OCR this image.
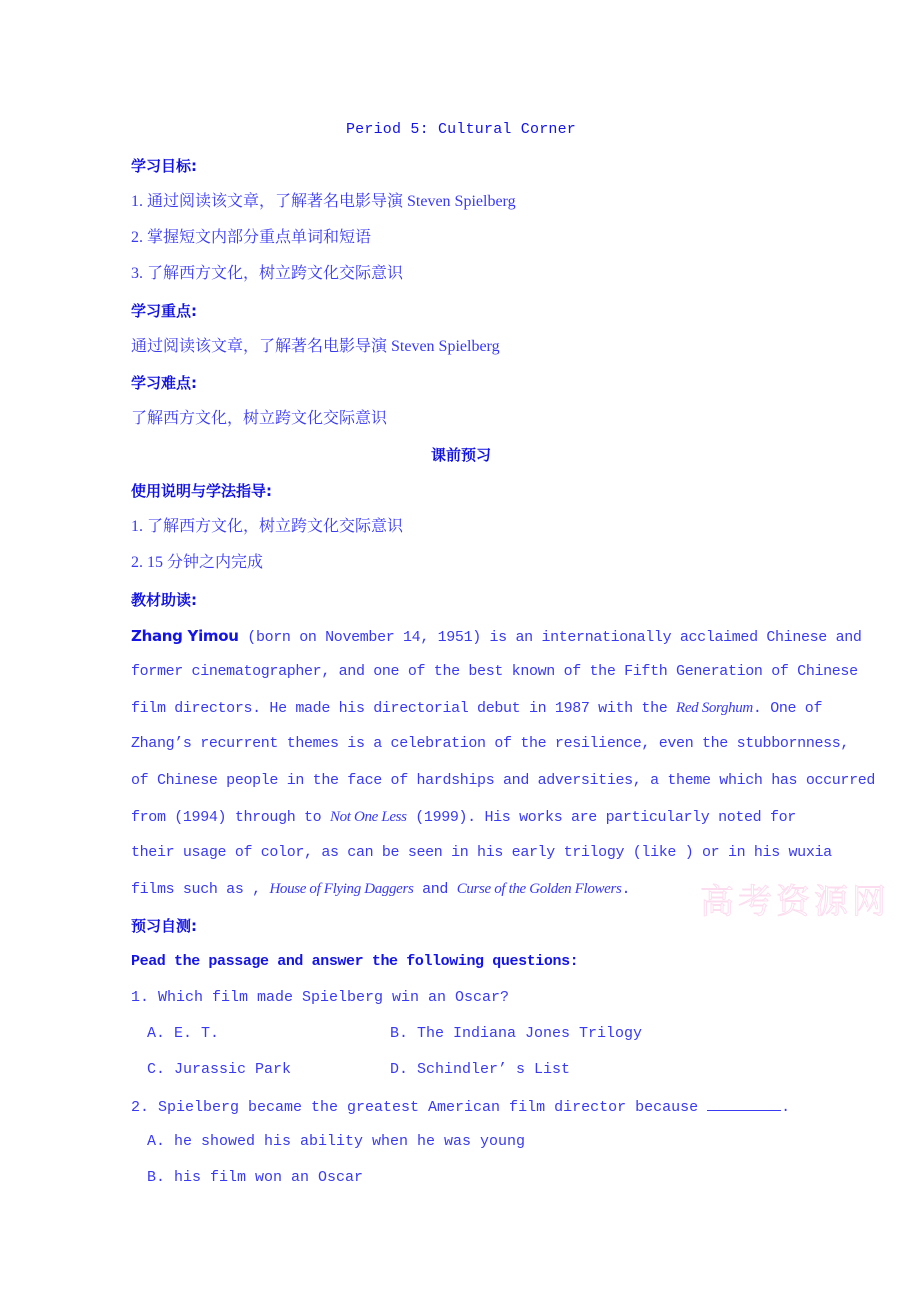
Period 5: Cultural Corner
学习目标:
1. 通过阅读该文章，了解著名电影导演 Steven Spielberg
2. 掌握短文内部分重点单词和短语
3. 了解西方文化，树立跨文化交际意识
学习重点:
通过阅读该文章，了解著名电影导演 Steven Spielberg
学习难点:
了解西方文化，树立跨文化交际意识
课前预习
使用说明与学法指导:
1. 了解西方文化，树立跨文化交际意识
2. 15 分钟之内完成
教材助读:
Zhang Yimou (born on November 14, 1951) is an internationally acclaimed Chinese and
former cinematographer, and one of the best known of the Fifth Generation of Chinese
film directors. He made his directorial debut in 1987 with the Red Sorghum. One of
Zhang’s recurrent themes is a celebration of the resilience, even the stubbornness,
of Chinese people in the face of hardships and adversities, a theme which has occurred
from (1994) through to Not One Less (1999). His works are particularly noted for
their usage of color, as can be seen in his early trilogy (like ) or in his wuxia
films such as , House of Flying Daggers and Curse of the Golden Flowers.
预习自测:
Pead the passage and answer the following questions:
1. Which film made Spielberg win an Oscar?
A. E. T.	B. The Indiana Jones Trilogy
C. Jurassic Park	D. Schindler’ s List
2. Spielberg became the greatest American film director because	.
A. he showed his ability when he was young
B. his film won an Oscar
高考资源网
